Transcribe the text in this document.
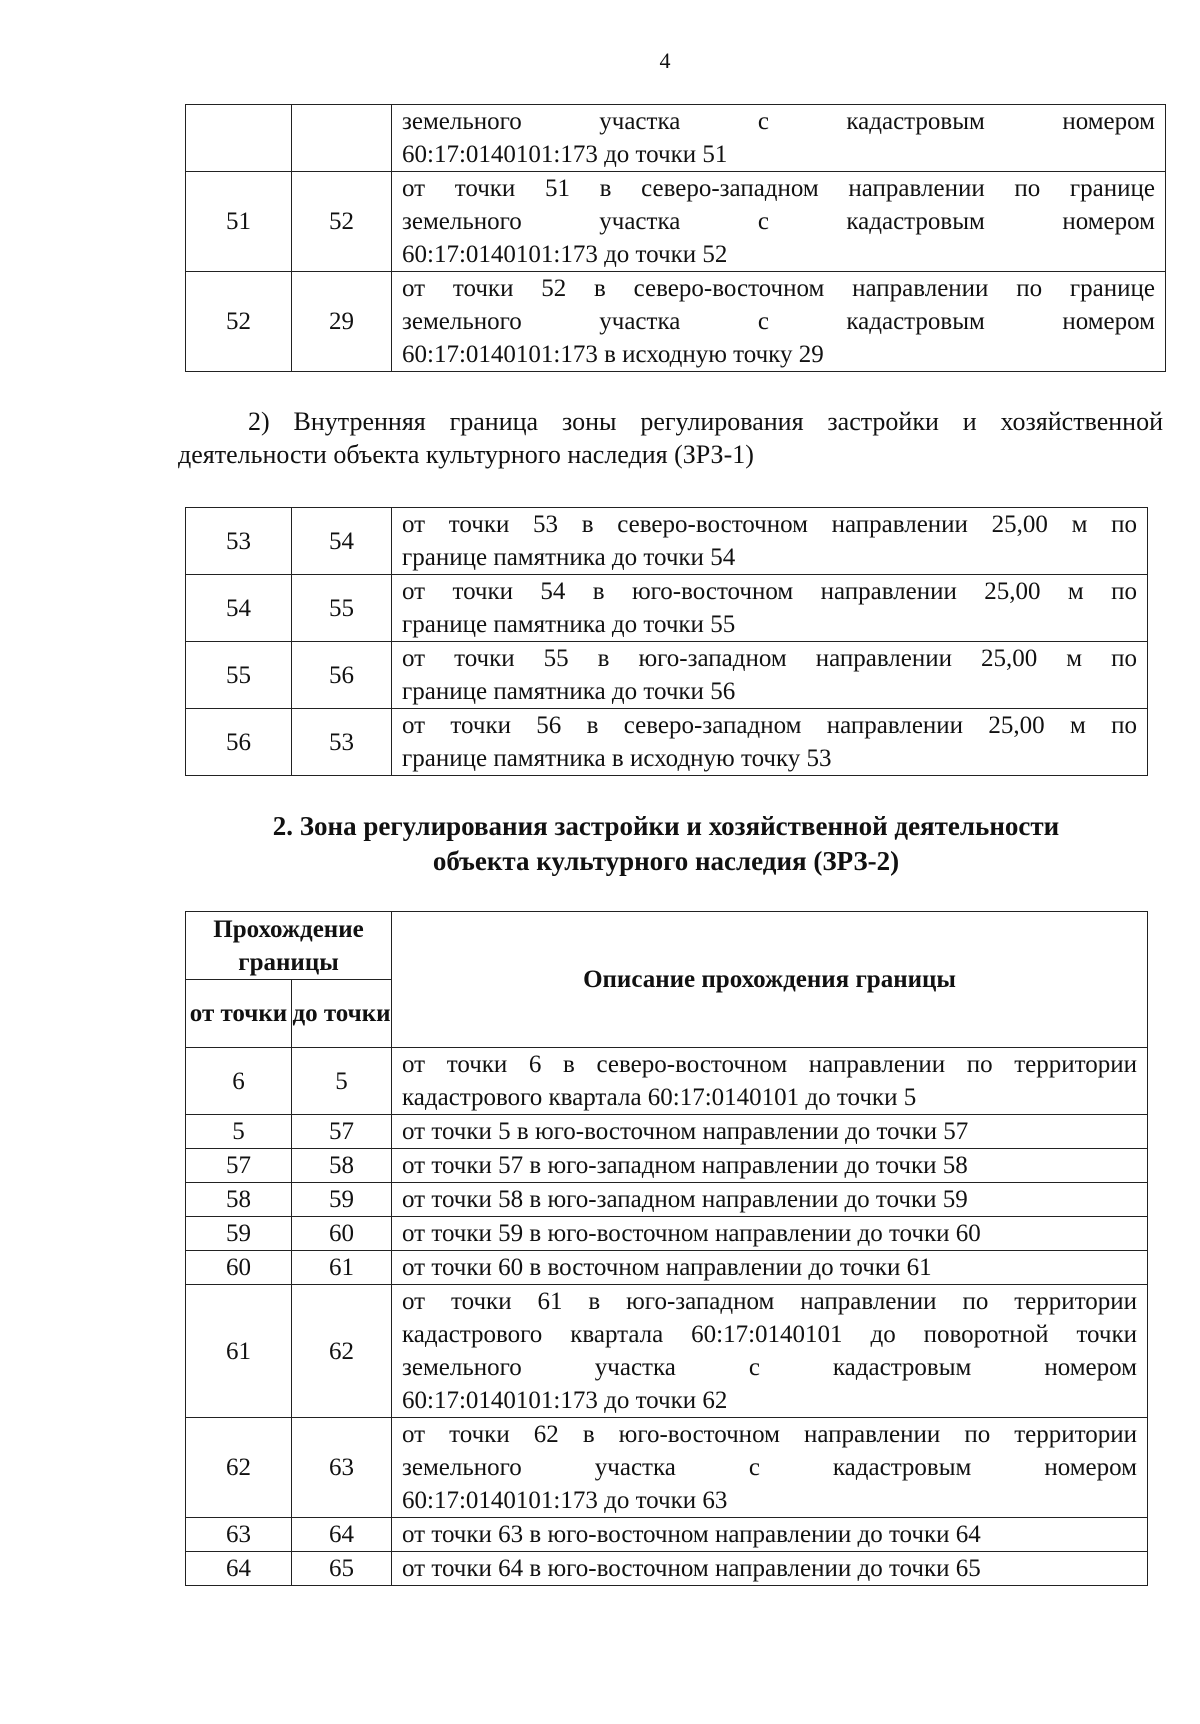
4

		земельного участка с кадастровым номером
60:17:0140101:173 до точки 51

51	52	от точки 51 в северо-западном направлении по границе
земельного участка с кадастровым номером
60:17:0140101:173 до точки 52

52	29	от точки 52 в северо-восточном направлении по границе
земельного участка с кадастровым номером
60:17:0140101:173 в исходную точку 29
2) Внутренняя граница зоны регулирования застройки и хозяйственной деятельности объекта культурного наследия (ЗРЗ-1)
53	54	от точки 53 в северо-восточном направлении 25,00 м по
границе памятника до точки 54

54	55	от точки 54 в юго-восточном направлении 25,00 м по
границе памятника до точки 55

55	56	от точки 55 в юго-западном направлении 25,00 м по
границе памятника до точки 56

56	53	от точки 56 в северо-западном направлении 25,00 м по
границе памятника в исходную точку 53
2. Зона регулирования застройки и хозяйственной деятельности
объекта культурного наследия (ЗРЗ-2)
Прохождение границы		Описание прохождения границы
от точки	до точки	
6	5	от точки 6 в северо-восточном направлении по территории
кадастрового квартала 60:17:0140101 до точки 5

5	57	от точки 5 в юго-восточном направлении до точки 57

57	58	от точки 57 в юго-западном направлении до точки 58

58	59	от точки 58 в юго-западном направлении до точки 59

59	60	от точки 59 в юго-восточном направлении до точки 60

60	61	от точки 60 в восточном направлении до точки 61

61	62	от точки 61 в юго-западном направлении по территории
кадастрового квартала 60:17:0140101 до поворотной точки
земельного участка с кадастровым номером
60:17:0140101:173 до точки 62

62	63	от точки 62 в юго-восточном направлении по территории
земельного участка с кадастровым номером
60:17:0140101:173 до точки 63

63	64	от точки 63 в юго-восточном направлении до точки 64

64	65	от точки 64 в юго-восточном направлении до точки 65
